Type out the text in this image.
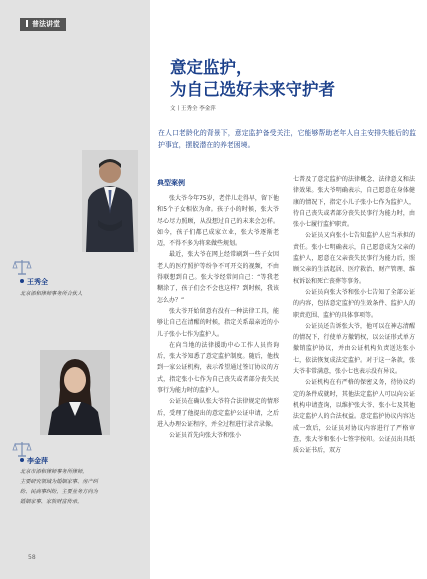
普法讲堂
王秀全
北京添和律师事务所合伙人
李金萍
北京市添和律师事务所律师。
主要研究领域为婚姻家事、房产纠
纷、民商事纠纷，主要业务方向为
婚姻家事、家族财富传承。
58
意定监护，
为自己选好未来守护者
文丨王秀全 李金萍
在人口老龄化的背景下，意定监护备受关注，它能够帮助老年人自主安排失能后的监护事宜，摆脱潜在的养老困境。
典型案例

张大爷今年75岁，老伴儿走得早，留下他和5个子女相依为命。孩子小的时候，张大爷尽心尽力照顾，从没想过自己的未来会怎样。如今，孩子们都已成家立业，张大爷逐渐老迈，不得不多为将来做些规划。

最近，张大爷在网上经常刷到一些子女因老人的医疗照护等纷争不可开交的视频，不由得联想到自己。张大爷经常问自己：“等我老糊涂了，孩子们会不会也这样？到时候，我该怎么办？”

张大爷开始留意有没有一种法律工具，能够让自己在清醒的时候，指定关系最亲近的小儿子张小七作为监护人。

在向当地的法律援助中心工作人员咨询后，张大爷知悉了意定监护制度。随后，他找到一家公证机构，表示希望通过签订协议的方式，指定张小七作为自己丧失或者部分丧失民事行为能力时的监护人。

公证员在确认张大爷符合法律规定的情形后，受理了他提出的意定监护公证申请，之后进入办理公证程序，并全过程进行录音录像。

公证员首先向张大爷和张小

七普及了意定监护的法律概念、法律意义和法律效果。张大爷明确表示，自己愿意在身体健康的情况下，指定小儿子张小七作为监护人，待自己丧失或者部分丧失民事行为能力时，由张小七履行监护职责。

公证员又向张小七告知监护人应当承担的责任。张小七明确表示，自己愿意成为父亲的监护人，愿意在父亲丧失民事行为能力后，照顾父亲的生活起居、医疗救治、财产管理、维权诉讼和死亡丧葬等事务。

公证员向张大爷和张小七告知了全部公证的内容，包括意定监护的生效条件、监护人的职责范围、监护的具体事项等。

公证员还告诉张大爷，他可以在神志清醒的情况下，行使单方撤销权，以公证形式单方撤销监护协议，并由公证机构负责送达张小七，依法恢复成法定监护。对于这一条款，张大爷非常满意，张小七也表示没有异议。

公证机构在有严格的保密义务，待协议约定的条件成就时，其他法定监护人可以向公证机构申请查询，以维护张大爷、张小七及其他法定监护人的合法权益。意定监护协议内容达成一致后，公证员对协议内容进行了严格审查，张大爷和张小七签字按印。公证员出具纸质公证书后，双方
